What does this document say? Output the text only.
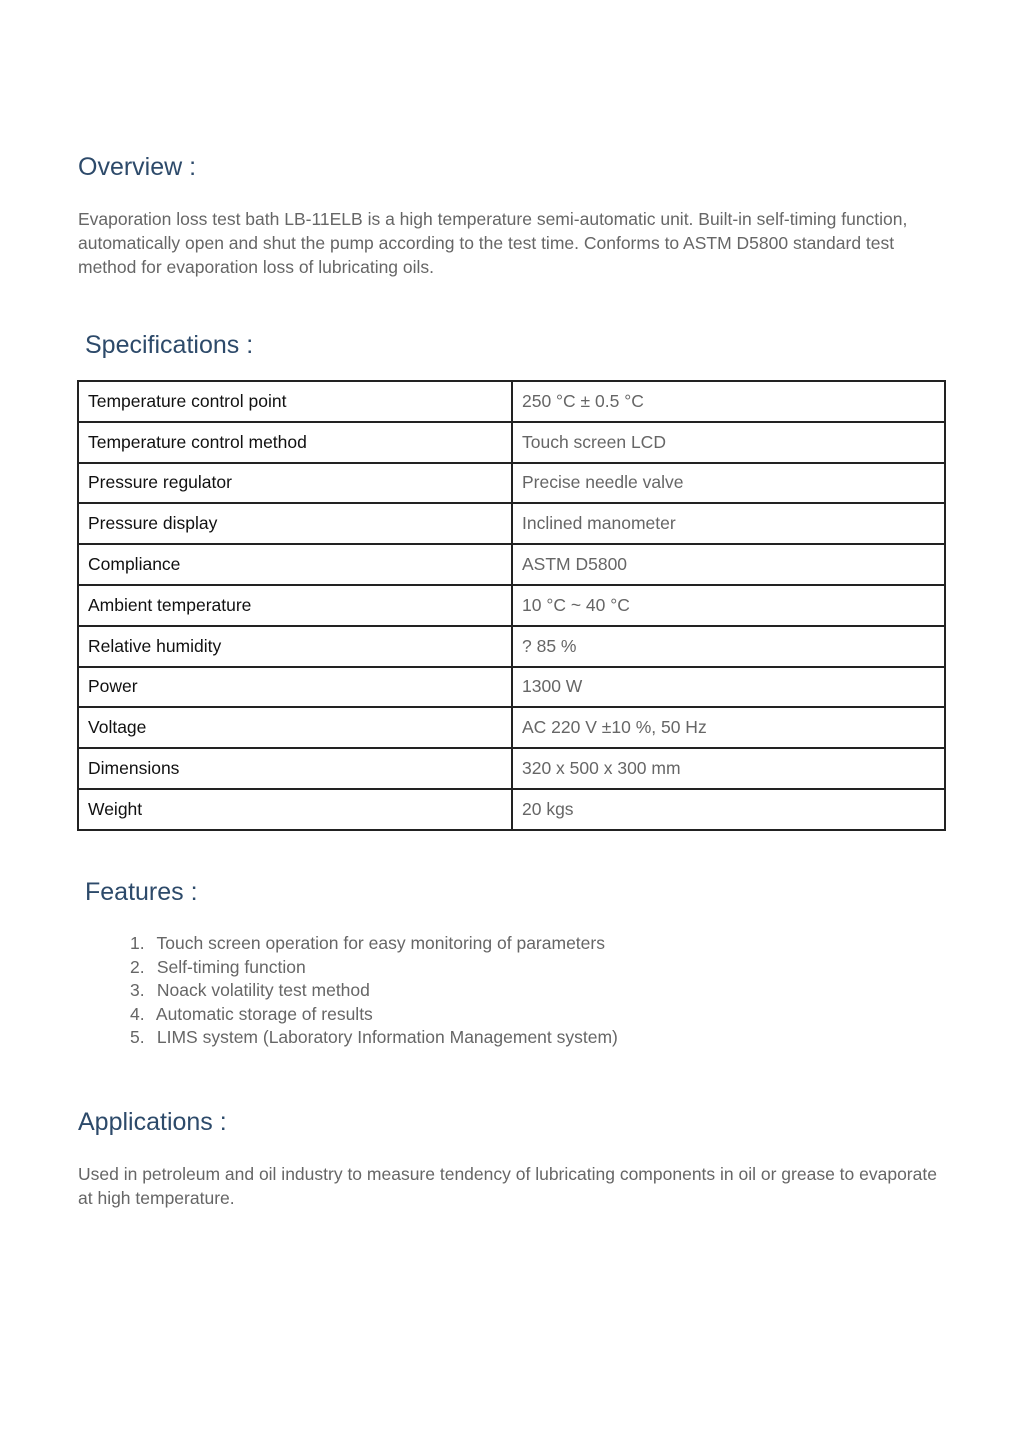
Overview :

Evaporation loss test bath LB-11ELB is a high temperature semi-automatic unit. Built-in self-timing function, automatically open and shut the pump according to the test time. Conforms to ASTM D5800 standard test method for evaporation loss of lubricating oils.

Specifications :
Temperature control point	250 °C ± 0.5 °C
Temperature control method	Touch screen LCD
Pressure regulator	Precise needle valve
Pressure display	Inclined manometer
Compliance	ASTM D5800
Ambient temperature	10 °C ~ 40 °C
Relative humidity	? 85 %
Power	1300 W
Voltage	AC 220 V ±10 %, 50 Hz
Dimensions	320 x 500 x 300 mm
Weight	20 kgs
Features :
1. Touch screen operation for easy monitoring of parameters
2. Self-timing function
3. Noack volatility test method
4. Automatic storage of results
5. LIMS system (Laboratory Information Management system)
Applications :

Used in petroleum and oil industry to measure tendency of lubricating components in oil or grease to evaporate at high temperature.
